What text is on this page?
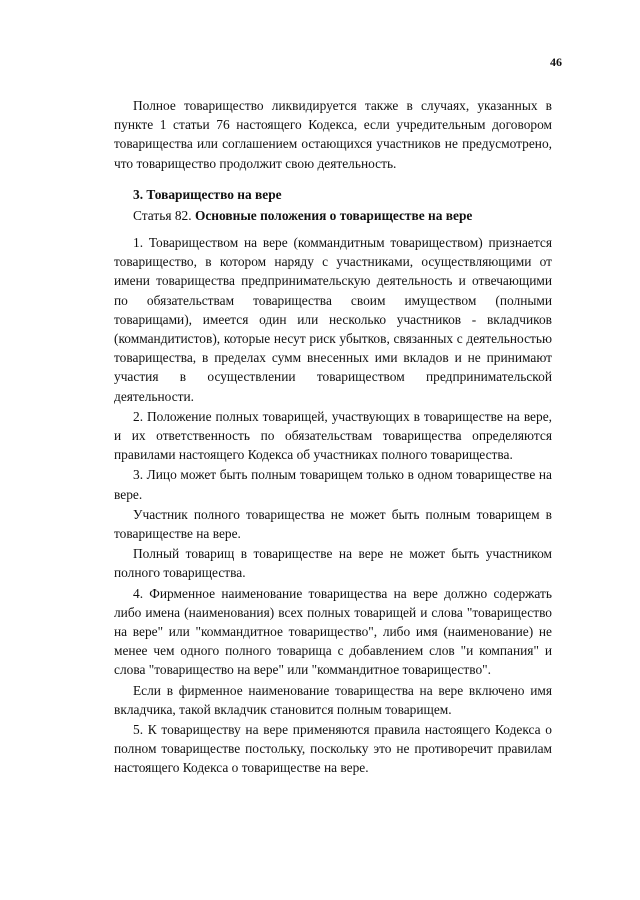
46

Полное товарищество ликвидируется также в случаях, указанных в пункте 1 статьи 76 настоящего Кодекса, если учредительным договором товарищества или соглашением остающихся участников не предусмотрено, что товарищество продолжит свою деятельность.

3. Товарищество на вере
Статья 82. Основные положения о товариществе на вере

1. Товариществом на вере (коммандитным товариществом) признается товарищество, в котором наряду с участниками, осуществляющими от имени товарищества предпринимательскую деятельность и отвечающими по обязательствам товарищества своим имуществом (полными товарищами), имеется один или несколько участников - вкладчиков (коммандитистов), которые несут риск убытков, связанных с деятельностью товарищества, в пределах сумм внесенных ими вкладов и не принимают участия в осуществлении товариществом предпринимательской деятельности.

2. Положение полных товарищей, участвующих в товариществе на вере, и их ответственность по обязательствам товарищества определяются правилами настоящего Кодекса об участниках полного товарищества.

3. Лицо может быть полным товарищем только в одном товариществе на вере.

Участник полного товарищества не может быть полным товарищем в товариществе на вере.

Полный товарищ в товариществе на вере не может быть участником полного товарищества.

4. Фирменное наименование товарищества на вере должно содержать либо имена (наименования) всех полных товарищей и слова "товарищество на вере" или "коммандитное товарищество", либо имя (наименование) не менее чем одного полного товарища с добавлением слов "и компания" и слова "товарищество на вере" или "коммандитное товарищество".

Если в фирменное наименование товарищества на вере включено имя вкладчика, такой вкладчик становится полным товарищем.

5. К товариществу на вере применяются правила настоящего Кодекса о полном товариществе постольку, поскольку это не противоречит правилам настоящего Кодекса о товариществе на вере.
